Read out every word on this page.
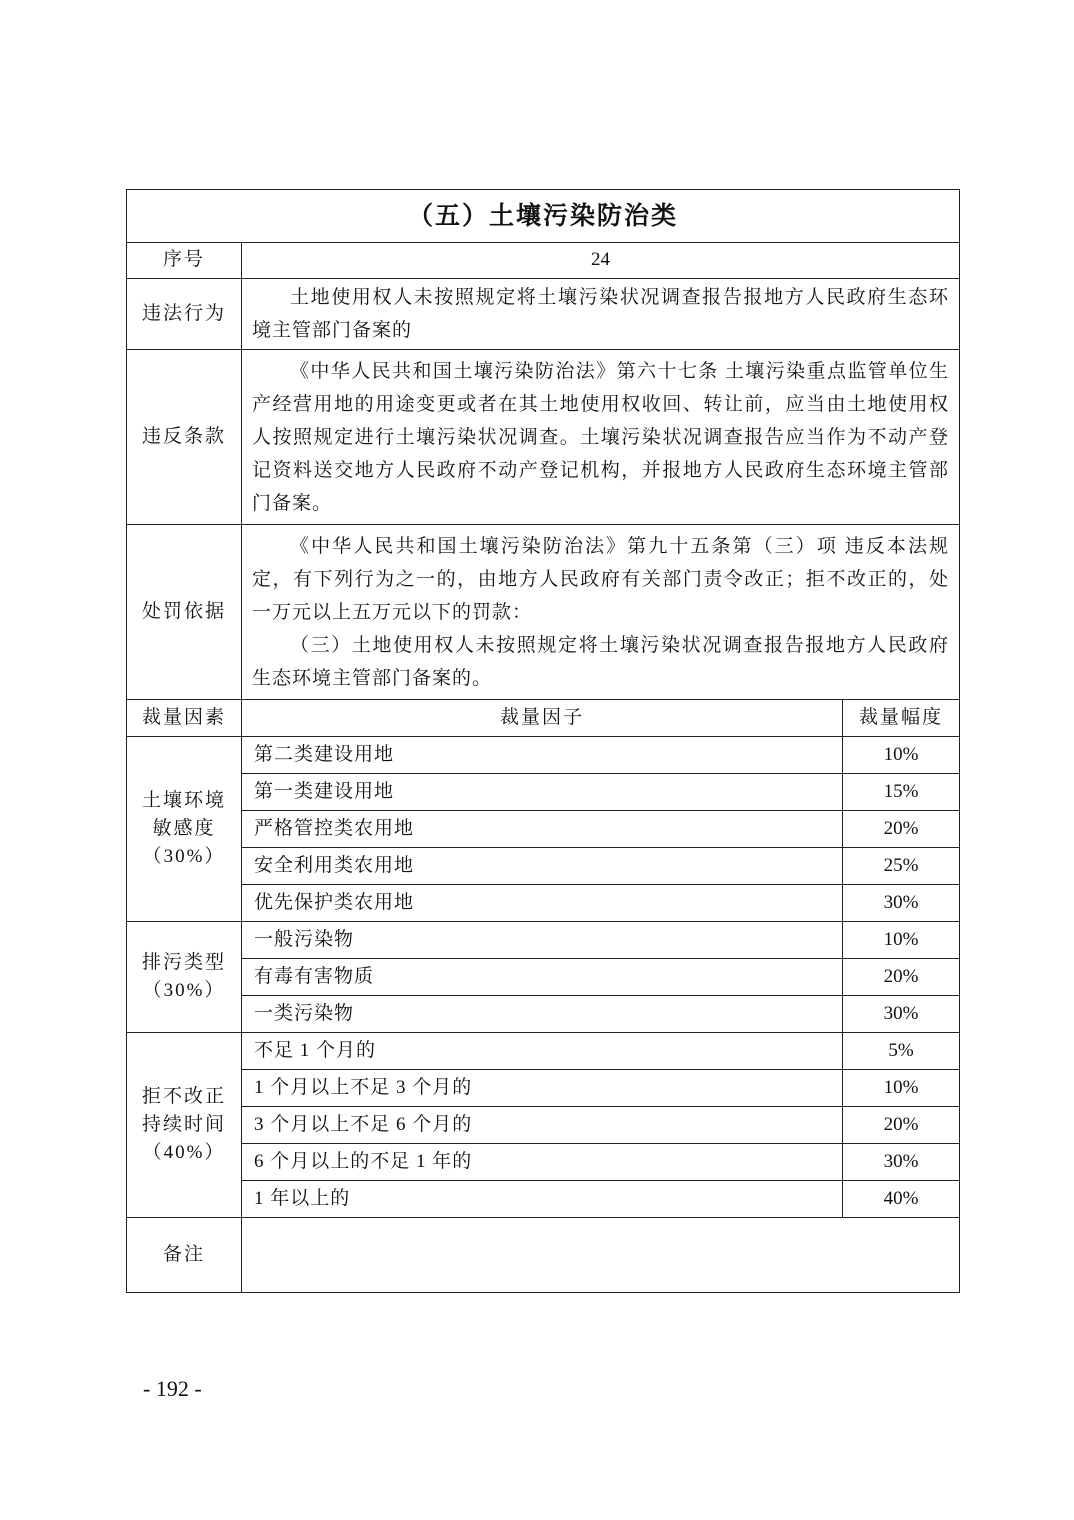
（五）土壤污染防治类		
序号	24	
违法行为	土地使用权人未按照规定将土壤污染状况调查报告报地方人民政府生态环境主管部门备案的	

违反条款	《中华人民共和国土壤污染防治法》第六十七条 土壤污染重点监管单位生产经营用地的用途变更或者在其土地使用权收回、转让前，应当由土地使用权人按照规定进行土壤污染状况调查。土壤污染状况调查报告应当作为不动产登记资料送交地方人民政府不动产登记机构，并报地方人民政府生态环境主管部门备案。	

处罚依据	《中华人民共和国土壤污染防治法》第九十五条第（三）项 违反本法规定，有下列行为之一的，由地方人民政府有关部门责令改正；拒不改正的，处一万元以上五万元以下的罚款：

（三）土地使用权人未按照规定将土壤污染状况调查报告报地方人民政府生态环境主管部门备案的。	

裁量因素	裁量因子	裁量幅度

土壤环境
敏感度
（30%）	第二类建设用地	10%
	第一类建设用地	15%
	严格管控类农用地	20%
	安全利用类农用地	25%
	优先保护类农用地	30%

排污类型
（30%）	一般污染物	10%
	有毒有害物质	20%
	一类污染物	30%

拒不改正
持续时间
（40%）	不足 1 个月的	5%
	1 个月以上不足 3 个月的	10%
	3 个月以上不足 6 个月的	20%
	6 个月以上的不足 1 年的	30%
	1 年以上的	40%
备注		
- 192 -
